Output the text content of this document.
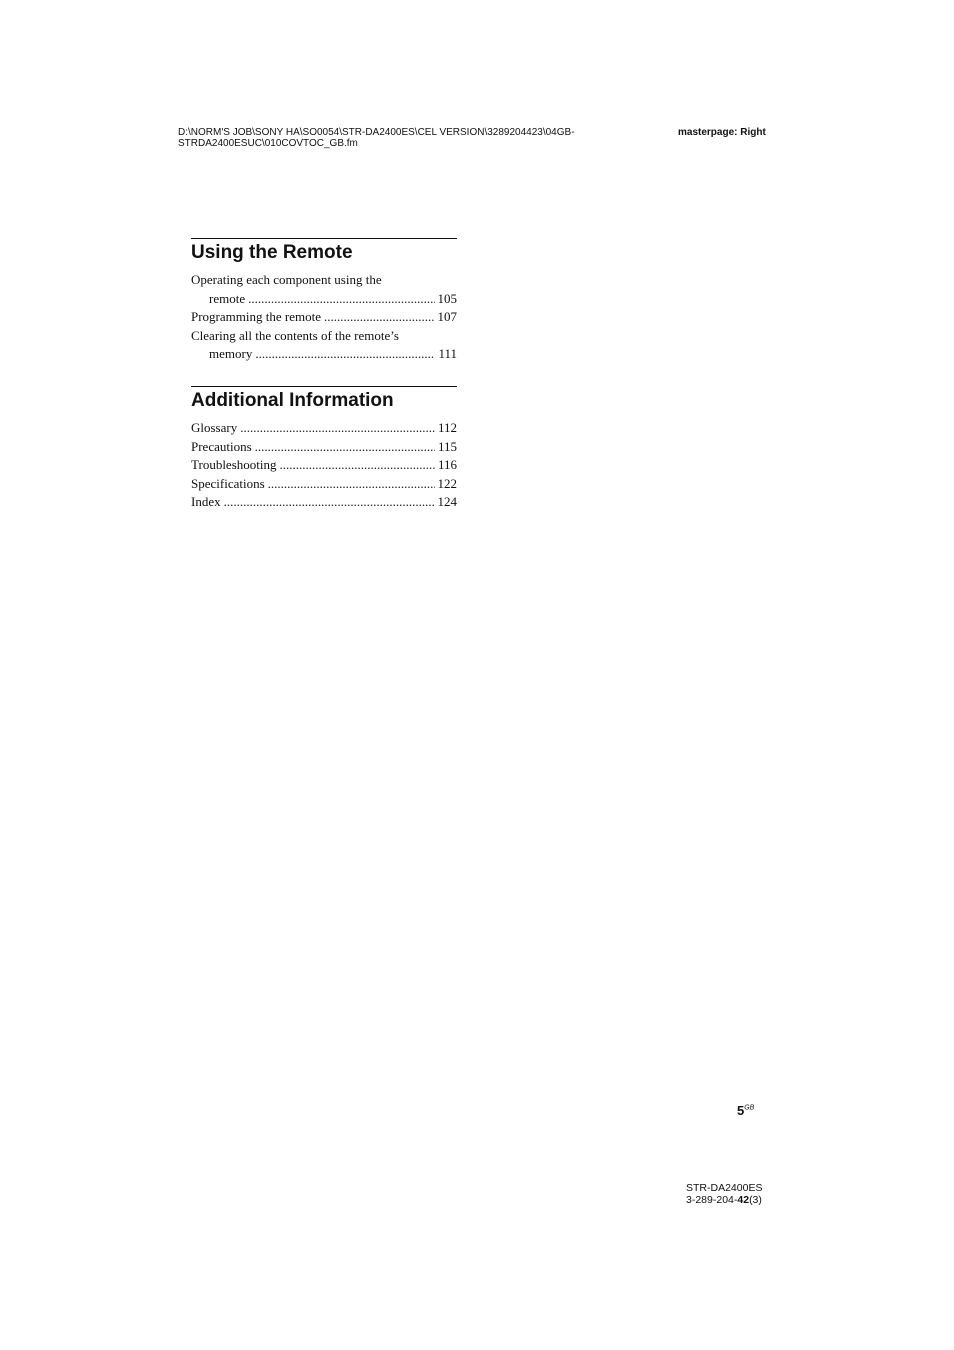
D:\NORM'S JOB\SONY HA\SO0054\STR-DA2400ES\CEL VERSION\3289204423\04GB-
STRDA2400ESUC\010COVTOC_GB.fm
masterpage: Right
Using the Remote
Operating each component using the
remote .....	105
Programming the remote .....	107
Clearing all the contents of the remote’s
memory .....	111
Additional Information
Glossary .....	112
Precautions .....	115
Troubleshooting .....	116
Specifications .....	122
Index .....	124
$5^{GB}$
STR-DA2400ES
3-289-204-42(3)
